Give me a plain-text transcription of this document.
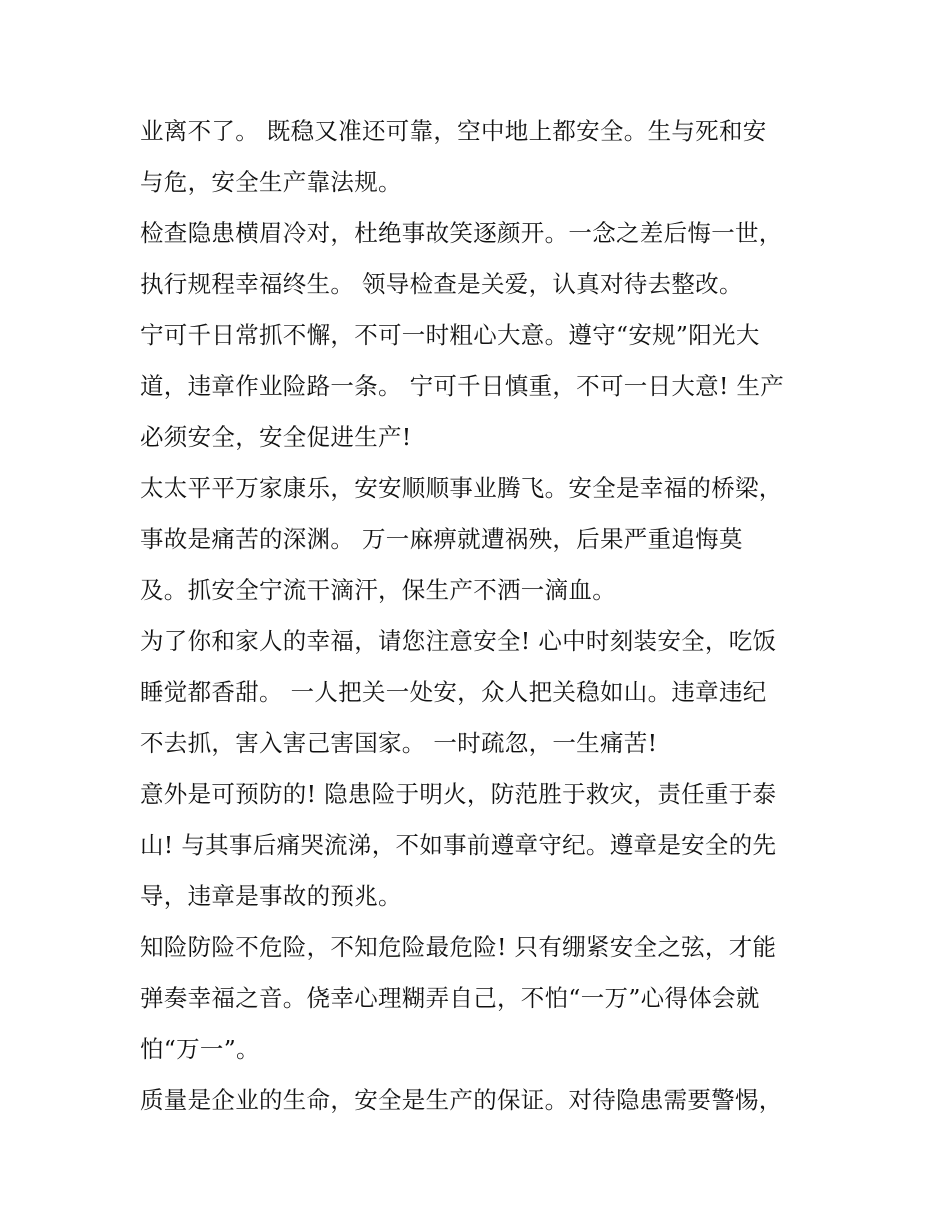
业离不了。 既稳又准还可靠，空中地上都安全。生与死和安
与危，安全生产靠法规。
检查隐患横眉冷对，杜绝事故笑逐颜开。一念之差后悔一世，
执行规程幸福终生。 领导检查是关爱，认真对待去整改。
宁可千日常抓不懈，不可一时粗心大意。遵守“安规”阳光大
道，违章作业险路一条。 宁可千日慎重，不可一日大意! 生产
必须安全，安全促进生产!
太太平平万家康乐，安安顺顺事业腾飞。安全是幸福的桥梁，
事故是痛苦的深渊。 万一麻痹就遭祸殃，后果严重追悔莫
及。抓安全宁流干滴汗，保生产不洒一滴血。
为了你和家人的幸福，请您注意安全! 心中时刻装安全，吃饭
睡觉都香甜。 一人把关一处安，众人把关稳如山。违章违纪
不去抓，害入害己害国家。 一时疏忽，一生痛苦!
意外是可预防的! 隐患险于明火，防范胜于救灾，责任重于泰
山! 与其事后痛哭流涕，不如事前遵章守纪。遵章是安全的先
导，违章是事故的预兆。
知险防险不危险，不知危险最危险! 只有绷紧安全之弦，才能
弹奏幸福之音。侥幸心理糊弄自己，不怕“一万”心得体会就
怕“万一”。
质量是企业的生命，安全是生产的保证。对待隐患需要警惕，
